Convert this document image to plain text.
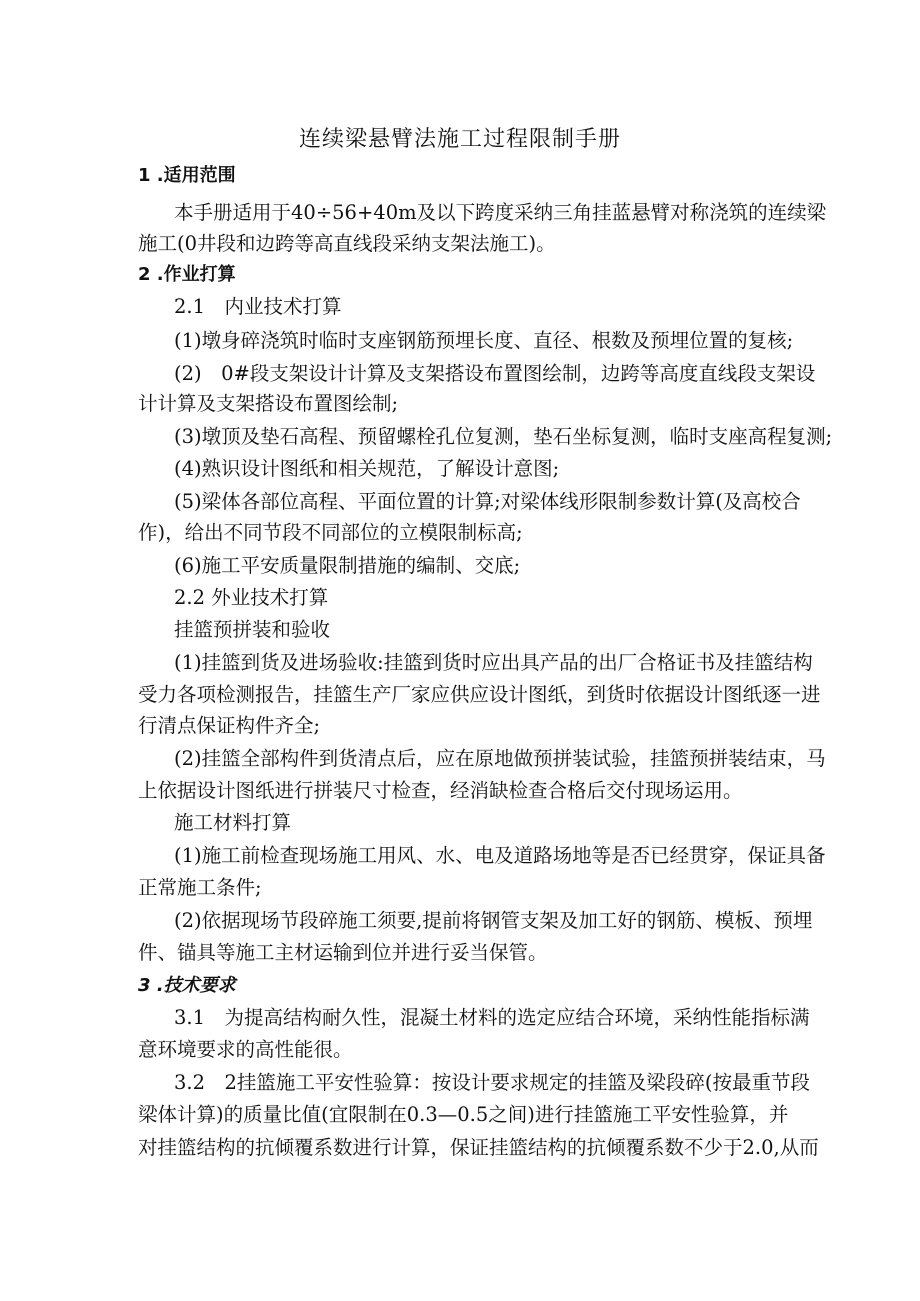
连续梁悬臂法施工过程限制手册
1 .适用范围
本手册适用于40÷56+40m及以下跨度采纳三角挂蓝悬臂对称浇筑的连续梁
施工(0井段和边跨等高直线段采纳支架法施工)。
2 .作业打算
2.1　内业技术打算
(1)墩身碎浇筑时临时支座钢筋预埋长度、直径、根数及预埋位置的复核;
(2)　0#段支架设计计算及支架搭设布置图绘制，边跨等高度直线段支架设
计计算及支架搭设布置图绘制;
(3)墩顶及垫石高程、预留螺栓孔位复测，垫石坐标复测，临时支座高程复测;
(4)熟识设计图纸和相关规范，了解设计意图;
(5)梁体各部位高程、平面位置的计算;对梁体线形限制参数计算(及高校合
作)，给出不同节段不同部位的立模限制标高;
(6)施工平安质量限制措施的编制、交底;
2.2 外业技术打算
挂篮预拼装和验收
(1)挂篮到货及进场验收:挂篮到货时应出具产品的出厂合格证书及挂篮结构
受力各项检测报告，挂篮生产厂家应供应设计图纸，到货时依据设计图纸逐一进
行清点保证构件齐全;
(2)挂篮全部构件到货清点后，应在原地做预拼装试验，挂篮预拼装结束，马
上依据设计图纸进行拼装尺寸检查，经消缺检查合格后交付现场运用。
施工材料打算
(1)施工前检查现场施工用风、水、电及道路场地等是否已经贯穿，保证具备
正常施工条件;
(2)依据现场节段碎施工须要,提前将钢管支架及加工好的钢筋、模板、预埋
件、锚具等施工主材运输到位并进行妥当保管。
3 .技术要求
3.1　为提高结构耐久性，混凝土材料的选定应结合环境，采纳性能指标满
意环境要求的高性能很。
3.2　2挂篮施工平安性验算：按设计要求规定的挂篮及梁段碎(按最重节段
梁体计算)的质量比值(宜限制在0.3—0.5之间)进行挂篮施工平安性验算，并
对挂篮结构的抗倾覆系数进行计算，保证挂篮结构的抗倾覆系数不少于2.0,从而
